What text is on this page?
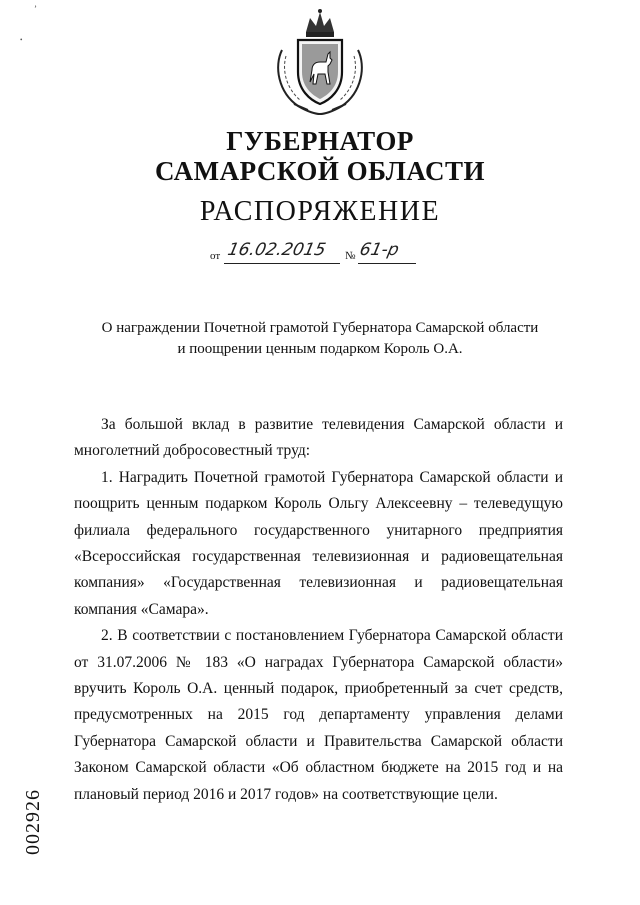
ʼ
•
ГУБЕРНАТОР
САМАРСКОЙ ОБЛАСТИ
РАСПОРЯЖЕНИЕ
от 16.02.2015 № 61-р
О награждении Почетной грамотой Губернатора Самарской области
и поощрении ценным подарком Король О.А.

За большой вклад в развитие телевидения Самарской области и многолетний добросовестный труд:

1. Наградить Почетной грамотой Губернатора Самарской области и поощрить ценным подарком Король Ольгу Алексеевну – телеведущую филиала федерального государственного унитарного предприятия «Всероссийская государственная телевизионная и радиовещательная компания» «Государственная телевизионная и радиовещательная компания «Самара».

2. В соответствии с постановлением Губернатора Самарской области от 31.07.2006 № 183 «О наградах Губернатора Самарской области» вручить Король О.А. ценный подарок, приобретенный за счет средств, предусмотренных на 2015 год департаменту управления делами Губернатора Самарской области и Правительства Самарской области Законом Самарской области «Об областном бюджете на 2015 год и на плановый период 2016 и 2017 годов» на соответствующие цели.

002926
